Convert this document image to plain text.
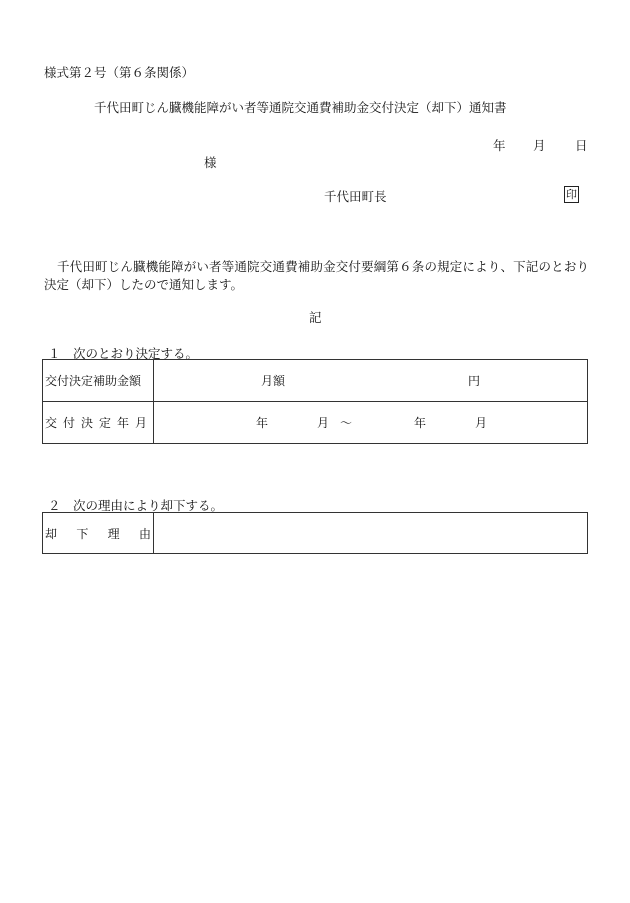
様式第２号（第６条関係）
千代田町じん臓機能障がい者等通院交通費補助金交付決定（却下）通知書
年 月 日
様
千代田町長	印
千代田町じん臓機能障がい者等通院交通費補助金交付要綱第６条の規定により、下記のとおり決定（却下）したので通知します。
記
１　次のとおり決定する。
交付決定補助金額	月額 円

交付決定年月	年 月 ～ 年 月
２　次の理由により却下する。
却 下 理 由
